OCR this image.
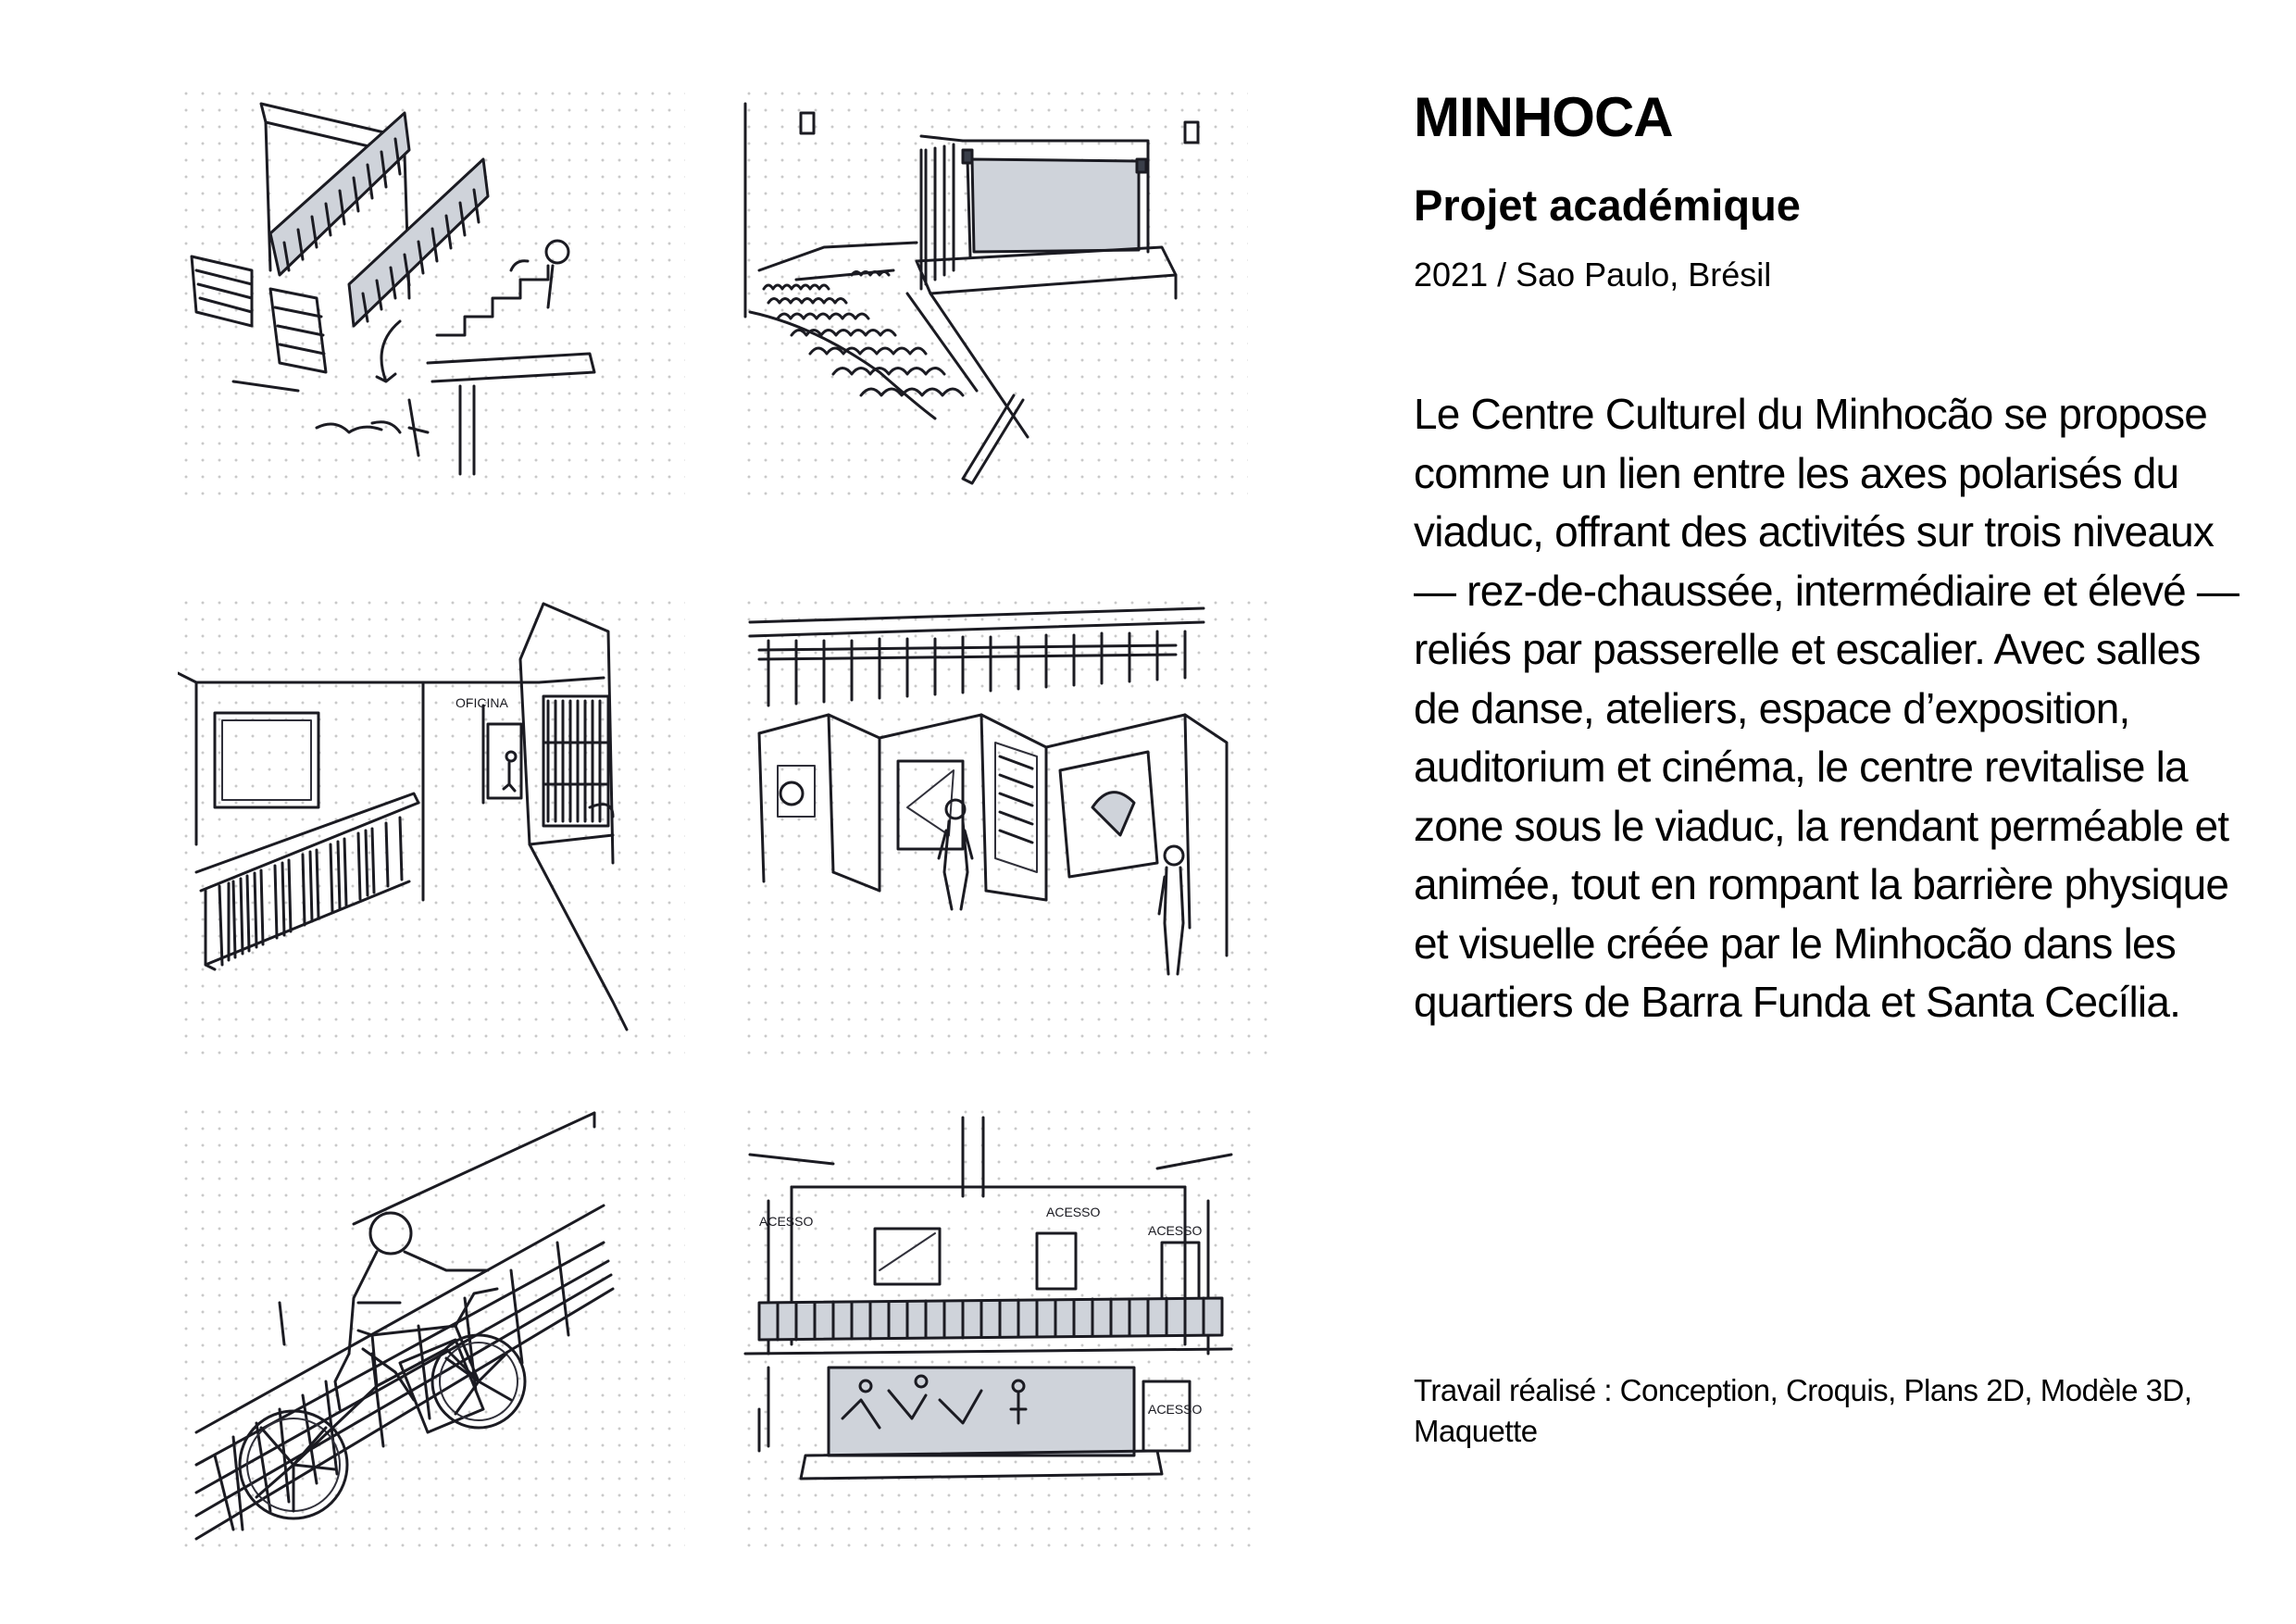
OFICINA
ACESSO
ACESSO
ACESSO
ACESSO
MINHOCA
Projet académique

2021 / Sao Paulo, Brésil

Le Centre Culturel du Minhocão se propose comme un lien entre les axes polarisés du viaduc, offrant des activités sur trois niveaux — rez-de-chaussée, intermédiaire et élevé — reliés par passerelle et escalier. Avec salles de danse, ateliers, espace d’exposition, auditorium et cinéma, le centre revitalise la zone sous le viaduc, la rendant perméable et animée, tout en rompant la barrière physique et visuelle créée par le Minhocão dans les quartiers de Barra Funda et Santa Cecília.

Travail réalisé : Conception, Croquis, Plans 2D, Modèle 3D, Maquette
